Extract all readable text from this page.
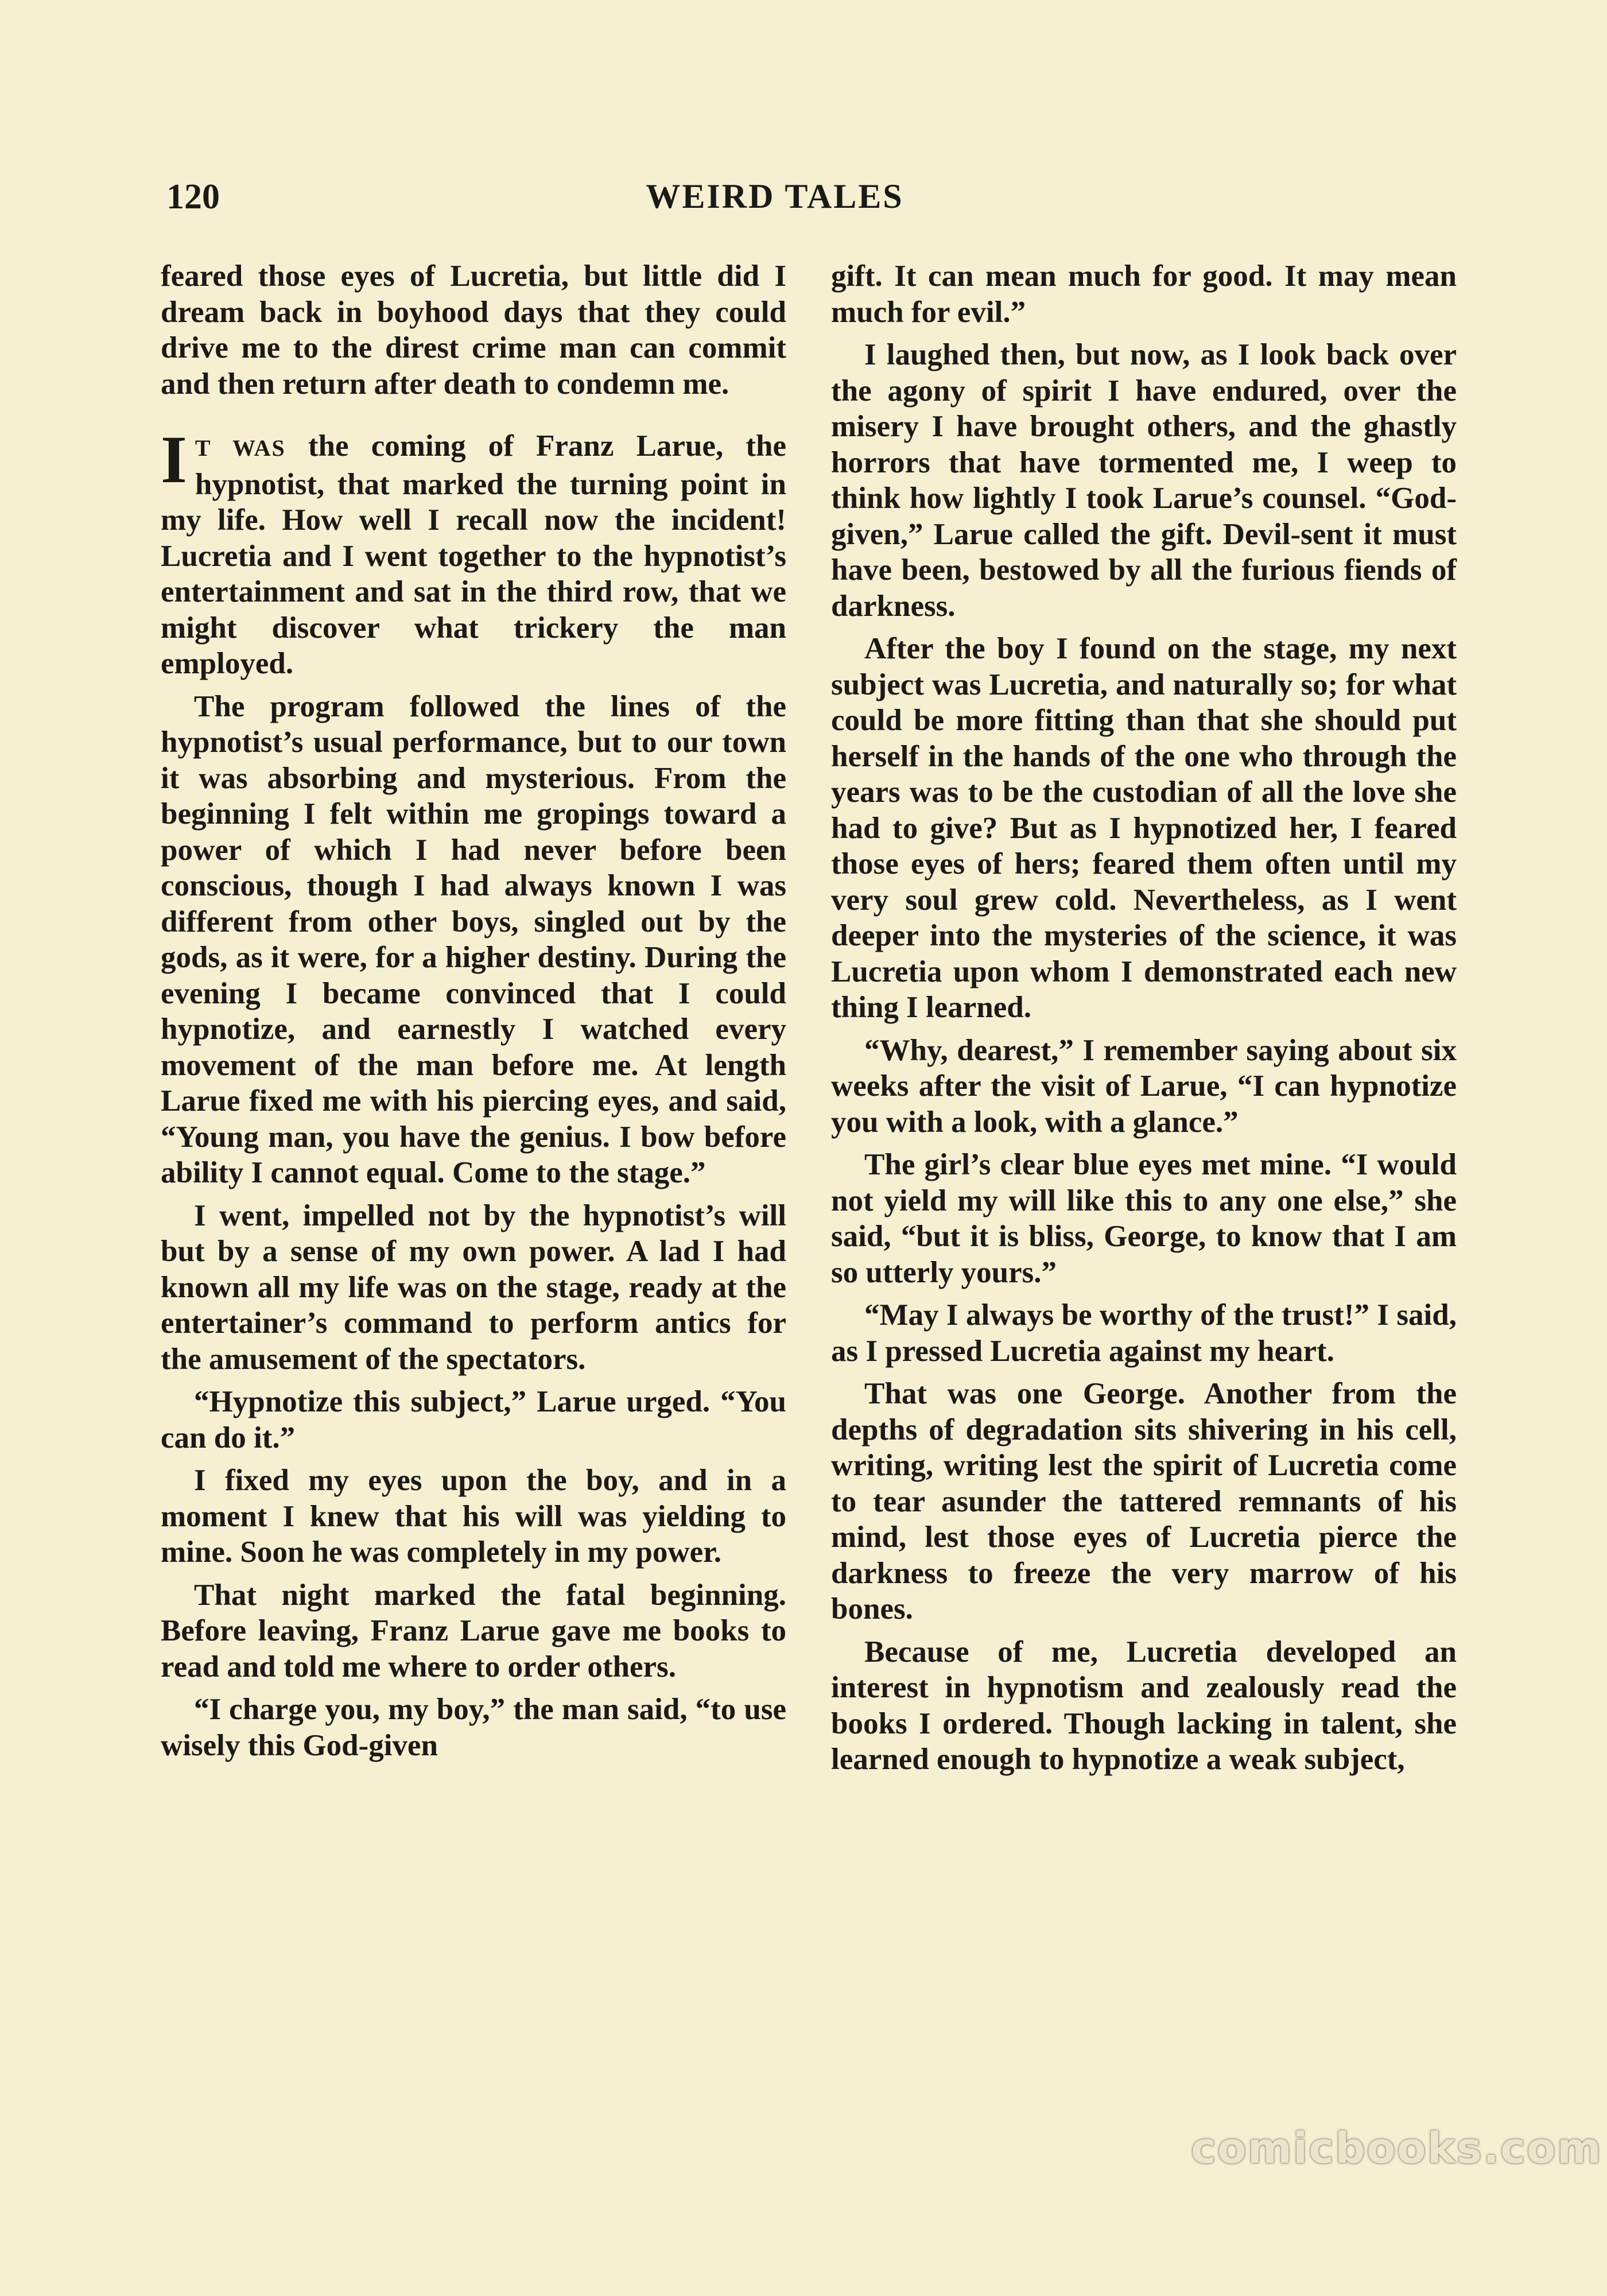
120	WEIRD TALES

feared those eyes of Lucretia, but little did I dream back in boyhood days that they could drive me to the direst crime man can commit and then return after death to condemn me.

I T WAS the coming of Franz Larue, the hypnotist, that marked the turning point in my life. How well I recall now the incident! Lucretia and I went together to the hypnotist’s entertainment and sat in the third row, that we might discover what trickery the man employed.

The program followed the lines of the hypnotist’s usual performance, but to our town it was absorbing and mysterious. From the beginning I felt within me gropings toward a power of which I had never before been conscious, though I had always known I was different from other boys, singled out by the gods, as it were, for a higher destiny. During the evening I became convinced that I could hypnotize, and earnestly I watched every movement of the man before me. At length Larue fixed me with his piercing eyes, and said, “Young man, you have the genius. I bow before ability I cannot equal. Come to the stage.”

I went, impelled not by the hypnotist’s will but by a sense of my own power. A lad I had known all my life was on the stage, ready at the entertainer’s command to perform antics for the amusement of the spectators.

“Hypnotize this subject,” Larue urged. “You can do it.”

I fixed my eyes upon the boy, and in a moment I knew that his will was yielding to mine. Soon he was completely in my power.

That night marked the fatal beginning. Before leaving, Franz Larue gave me books to read and told me where to order others.

“I charge you, my boy,” the man said, “to use wisely this God-given

gift. It can mean much for good. It may mean much for evil.”

I laughed then, but now, as I look back over the agony of spirit I have endured, over the misery I have brought others, and the ghastly horrors that have tormented me, I weep to think how lightly I took Larue’s counsel. “God-given,” Larue called the gift. Devil-sent it must have been, bestowed by all the furious fiends of darkness.

After the boy I found on the stage, my next subject was Lucretia, and naturally so; for what could be more fitting than that she should put herself in the hands of the one who through the years was to be the custodian of all the love she had to give? But as I hypnotized her, I feared those eyes of hers; feared them often until my very soul grew cold. Nevertheless, as I went deeper into the mysteries of the science, it was Lucretia upon whom I demonstrated each new thing I learned.

“Why, dearest,” I remember saying about six weeks after the visit of Larue, “I can hypnotize you with a look, with a glance.”

The girl’s clear blue eyes met mine. “I would not yield my will like this to any one else,” she said, “but it is bliss, George, to know that I am so utterly yours.”

“May I always be worthy of the trust!” I said, as I pressed Lucretia against my heart.

That was one George. Another from the depths of degradation sits shivering in his cell, writing, writing lest the spirit of Lucretia come to tear asunder the tattered remnants of his mind, lest those eyes of Lucretia pierce the darkness to freeze the very marrow of his bones.

Because of me, Lucretia developed an interest in hypnotism and zealously read the books I ordered. Though lacking in talent, she learned enough to hypnotize a weak subject,

comicbooks.com
